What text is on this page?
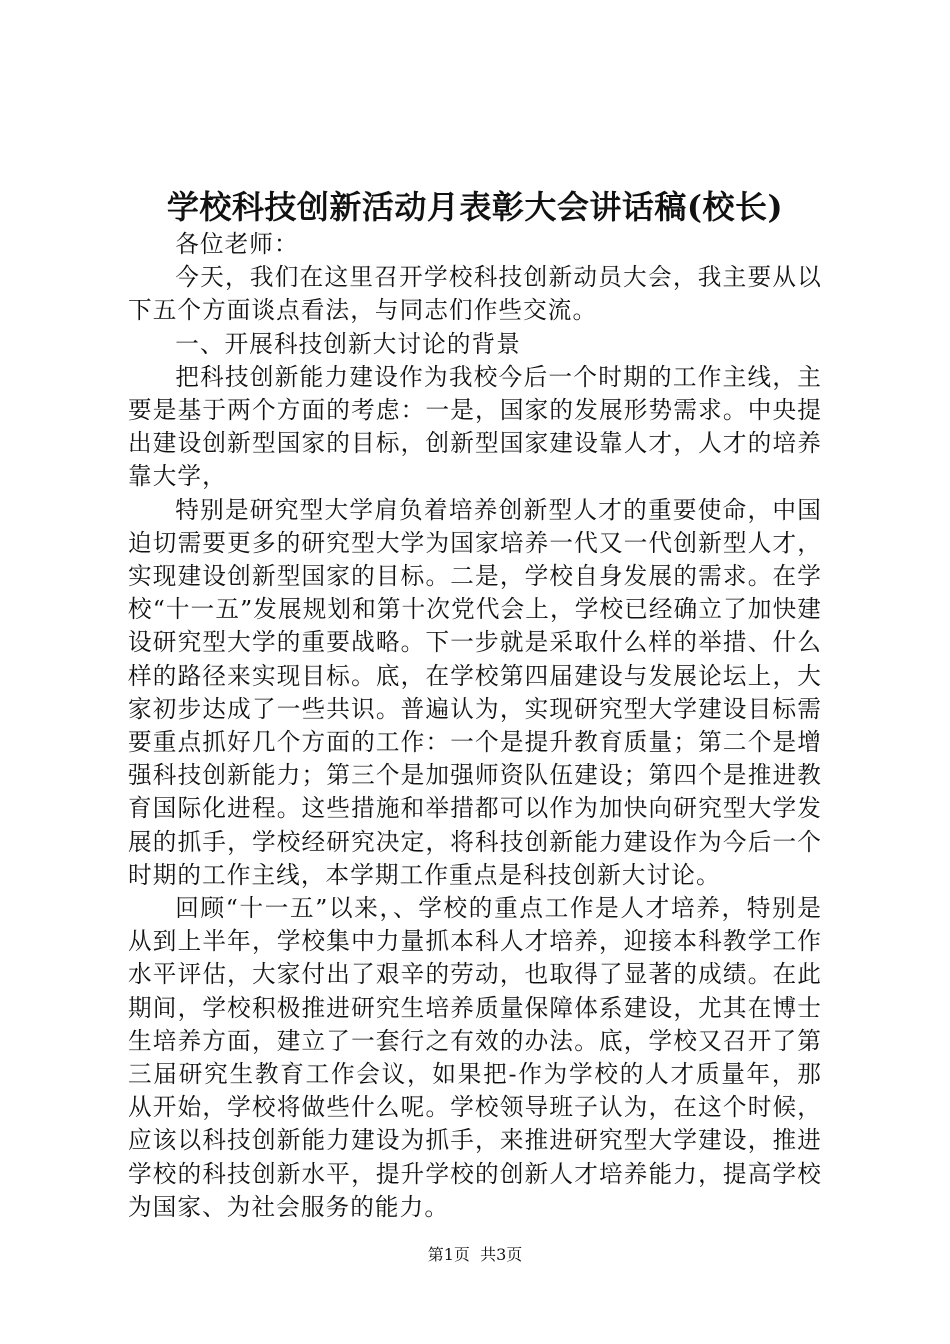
学校科技创新活动月表彰大会讲话稿(校长)

各位老师：

今天，我们在这里召开学校科技创新动员大会，我主要从以下五个方面谈点看法，与同志们作些交流。

一、开展科技创新大讨论的背景

把科技创新能力建设作为我校今后一个时期的工作主线，主要是基于两个方面的考虑：一是，国家的发展形势需求。中央提出建设创新型国家的目标，创新型国家建设靠人才，人才的培养靠大学，

特别是研究型大学肩负着培养创新型人才的重要使命，中国迫切需要更多的研究型大学为国家培养一代又一代创新型人才，实现建设创新型国家的目标。二是，学校自身发展的需求。在学校“十一五”发展规划和第十次党代会上，学校已经确立了加快建设研究型大学的重要战略。下一步就是采取什么样的举措、什么样的路径来实现目标。底，在学校第四届建设与发展论坛上，大家初步达成了一些共识。普遍认为，实现研究型大学建设目标需要重点抓好几个方面的工作：一个是提升教育质量；第二个是增强科技创新能力；第三个是加强师资队伍建设；第四个是推进教育国际化进程。这些措施和举措都可以作为加快向研究型大学发展的抓手，学校经研究决定，将科技创新能力建设作为今后一个时期的工作主线，本学期工作重点是科技创新大讨论。

回顾“十一五”以来，、学校的重点工作是人才培养，特别是从到上半年，学校集中力量抓本科人才培养，迎接本科教学工作水平评估，大家付出了艰辛的劳动，也取得了显著的成绩。在此期间，学校积极推进研究生培养质量保障体系建设，尤其在博士生培养方面，建立了一套行之有效的办法。底，学校又召开了第三届研究生教育工作会议，如果把-作为学校的人才质量年，那从开始，学校将做些什么呢。学校领导班子认为，在这个时候，应该以科技创新能力建设为抓手，来推进研究型大学建设，推进学校的科技创新水平，提升学校的创新人才培养能力，提高学校为国家、为社会服务的能力。

第1页 共3页
